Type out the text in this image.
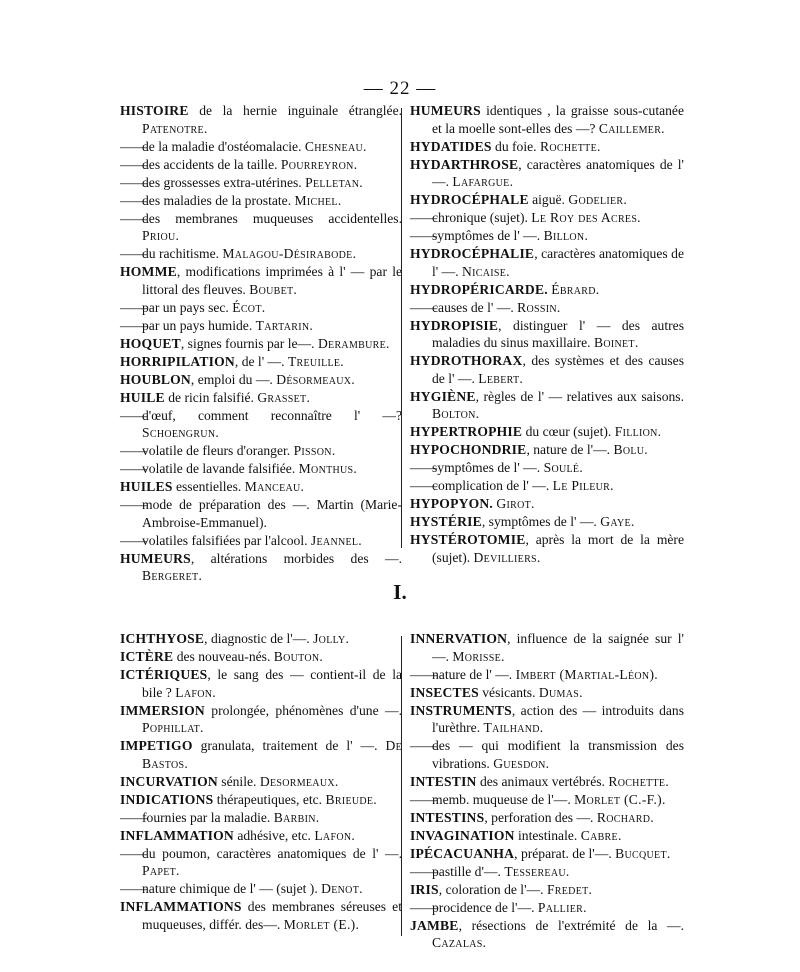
— 22 —
HISTOIRE de la hernie inguinale étranglée. Patenotre.
——de la maladie d'ostéomalacie. Chesneau.
——des accidents de la taille. Pourreyron.
——des grossesses extra-utérines. Pelletan.
——des maladies de la prostate. Michel.
——des membranes muqueuses accidentelles. Priou.
——du rachitisme. Malagou-Désirabode.
HOMME, modifications imprimées à l' — par le littoral des fleuves. Boubet.
——par un pays sec. Écot.
——par un pays humide. Tartarin.
HOQUET, signes fournis par le—. Derambure.
HORRIPILATION, de l' —. Treuille.
HOUBLON, emploi du —. Désormeaux.
HUILE de ricin falsifié. Grasset.
——d'œuf, comment reconnaître l' —? Schoengrun.
——volatile de fleurs d'oranger. Pisson.
——volatile de lavande falsifiée. Monthus.
HUILES essentielles. Manceau.
——mode de préparation des —. Martin (Marie-Ambroise-Emmanuel).
——volatiles falsifiées par l'alcool. Jeannel.
HUMEURS, altérations morbides des —. Bergeret.
HUMEURS identiques , la graisse sous-cutanée et la moelle sont-elles des —? Caillemer.
HYDATIDES du foie. Rochette.
HYDARTHROSE, caractères anatomiques de l' —. Lafargue.
HYDROCÉPHALE aiguë. Godelier.
——chronique (sujet). Le Roy des Acres.
——symptômes de l' —. Billon.
HYDROCÉPHALIE, caractères anatomiques de l' —. Nicaise.
HYDROPÉRICARDE. Ébrard.
——causes de l' —. Rossin.
HYDROPISIE, distinguer l' — des autres maladies du sinus maxillaire. Boinet.
HYDROTHORAX, des systèmes et des causes de l' —. Lebert.
HYGIÈNE, règles de l' — relatives aux saisons. Bolton.
HYPERTROPHIE du cœur (sujet). Fillion.
HYPOCHONDRIE, nature de l'—. Bolu.
——symptômes de l' —. Soulé.
——complication de l' —. Le Pileur.
HYPOPYON. Girot.
HYSTÉRIE, symptômes de l' —. Gaye.
HYSTÉROTOMIE, après la mort de la mère (sujet). Devilliers.
I.
ICHTHYOSE, diagnostic de l'—. Jolly.
ICTÈRE des nouveau-nés. Bouton.
ICTÉRIQUES, le sang des — contient-il de la bile ? Lafon.
IMMERSION prolongée, phénomènes d'une —. Pophillat.
IMPETIGO granulata, traitement de l' —. De Bastos.
INCURVATION sénile. Desormeaux.
INDICATIONS thérapeutiques, etc. Brieude.
——fournies par la maladie. Barbin.
INFLAMMATION adhésive, etc. Lafon.
——du poumon, caractères anatomiques de l' —. Papet.
——nature chimique de l' — (sujet ). Denot.
INFLAMMATIONS des membranes séreuses et muqueuses, différ. des—. Morlet (E.).
INNERVATION, influence de la saignée sur l' —. Morisse.
——nature de l' —. Imbert (Martial-Léon).
INSECTES vésicants. Dumas.
INSTRUMENTS, action des — introduits dans l'urèthre. Tailhand.
——des — qui modifient la transmission des vibrations. Guesdon.
INTESTIN des animaux vertébrés. Rochette.
——memb. muqueuse de l'—. Morlet (C.-F.).
INTESTINS, perforation des —. Rochard.
INVAGINATION intestinale. Cabre.
IPÉCACUANHA, préparat. de l'—. Bucquet.
——pastille d'—. Tessereau.
IRIS, coloration de l'—. Fredet.
——procidence de l'—. Pallier.
JAMBE, résections de l'extrémité de la —. Cazalas.
